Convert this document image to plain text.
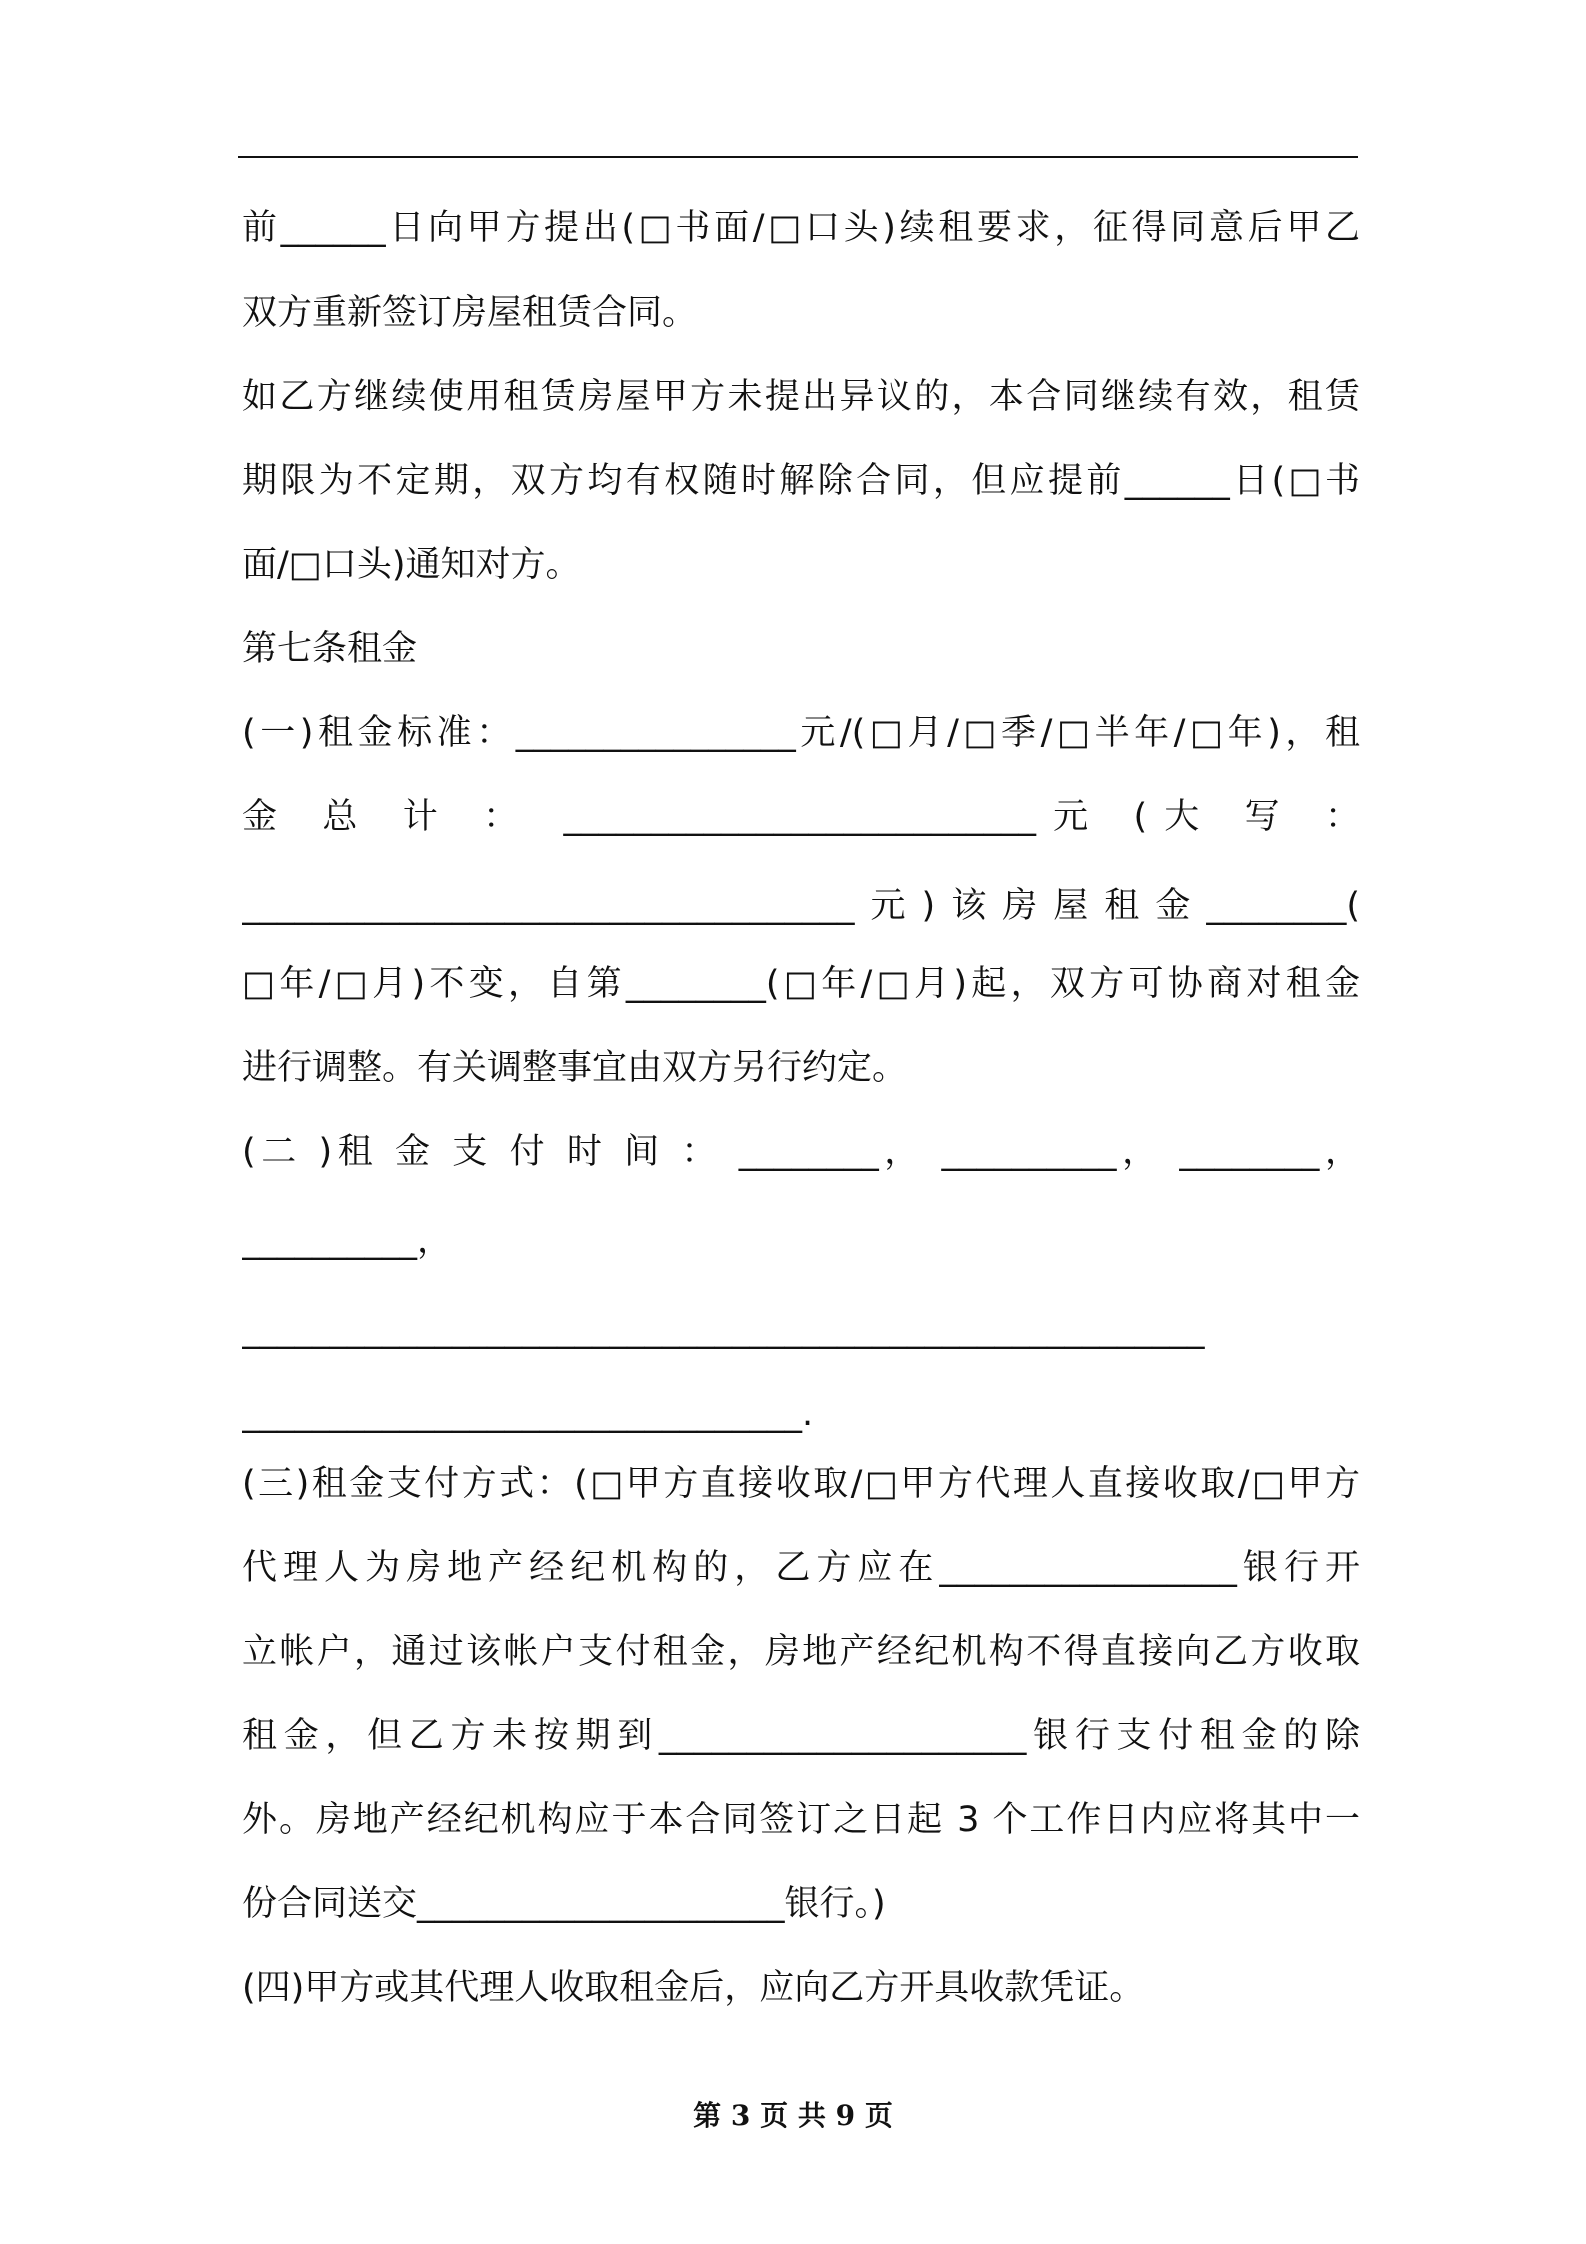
前______日向甲方提出(□书面/□口头)续租要求，征得同意后甲乙
双方重新签订房屋租赁合同。
如乙方继续使用租赁房屋甲方未提出异议的，本合同继续有效，租赁
期限为不定期，双方均有权随时解除合同，但应提前______日(□书
面/□口头)通知对方。
第七条租金
(一)租金标准：________________元/(□月/□季/□半年/□年)，租
金 总 计 ： ___________________________元 (大 写 ：
___________________________________元)该房屋租金________(
□年/□月)不变，自第________(□年/□月)起，双方可协商对租金
进行调整。有关调整事宜由双方另行约定。
(二 )租 金 支 付 时 间 ： ________， __________， ________，
__________，
_______________________________________________________
________________________________.
(三)租金支付方式：(□甲方直接收取/□甲方代理人直接收取/□甲方
代理人为房地产经纪机构的，乙方应在_________________银行开
立帐户，通过该帐户支付租金，房地产经纪机构不得直接向乙方收取
租金，但乙方未按期到_____________________银行支付租金的除
外。房地产经纪机构应于本合同签订之日起 3 个工作日内应将其中一
份合同送交_____________________银行。)
(四)甲方或其代理人收取租金后，应向乙方开具收款凭证。
第 3 页 共 9 页
